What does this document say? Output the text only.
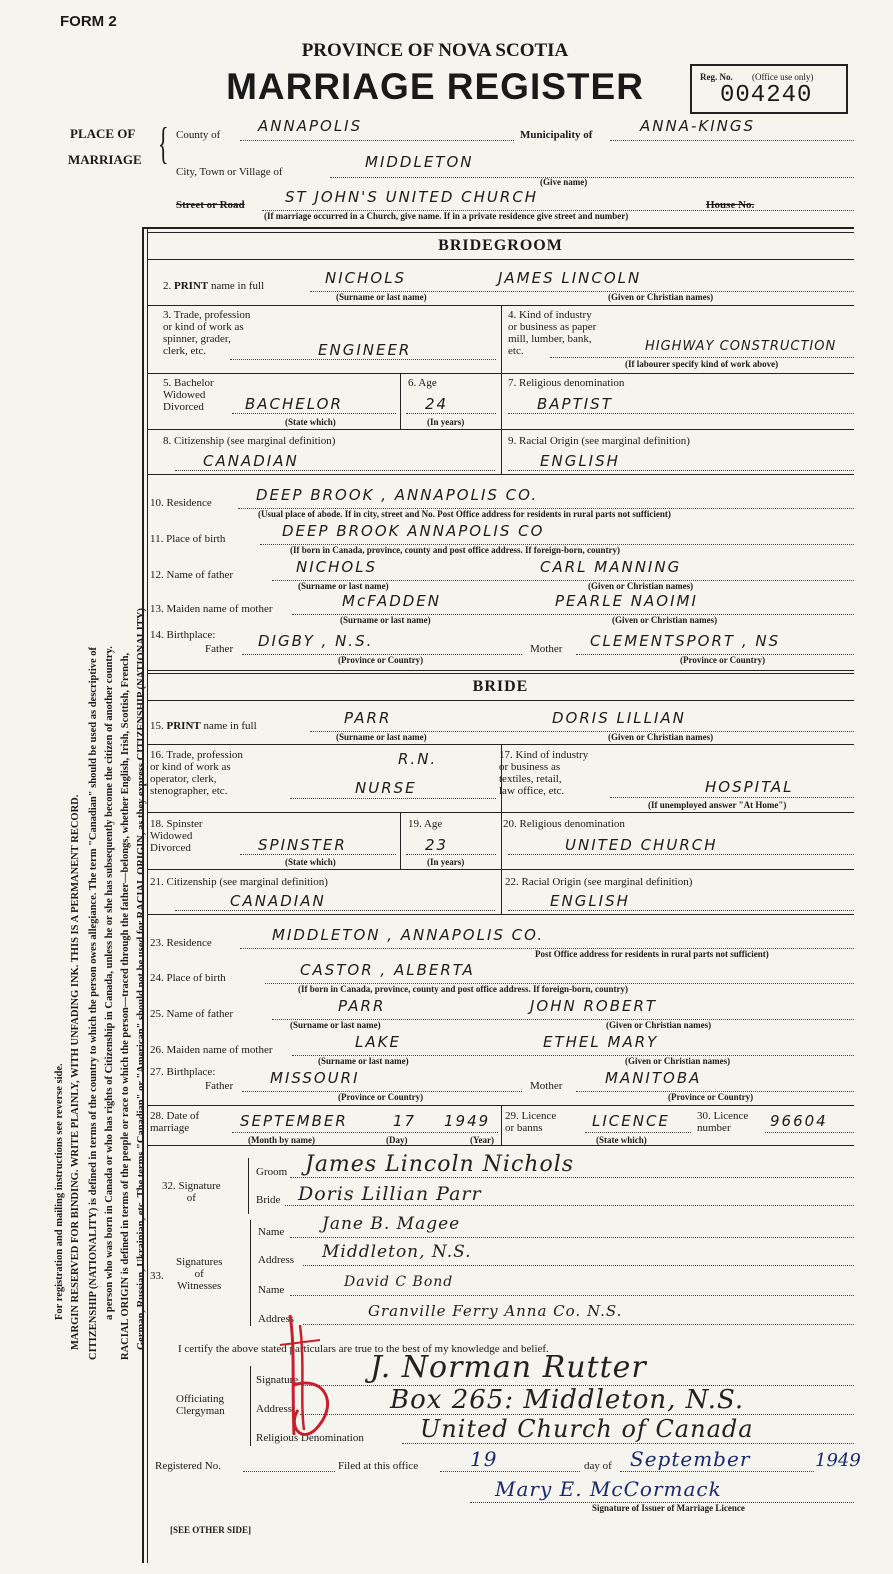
For registration and mailing instructions see reverse side. MARGIN RESERVED FOR BINDING. WRITE PLAINLY, WITH UNFADING INK. THIS IS A PERMANENT RECORD. CITIZENSHIP (NATIONALITY) is defined in terms of the country to which the person owes allegiance. The term "Canadian" should be used as descriptive of a person who was born in Canada or who has rights of Citizenship in Canada, unless he or she has subsequently become the citizen of another country. RACIAL ORIGIN is defined in terms of the people or race to which the person—traced through the father—belongs, whether English, Irish, Scottish, French, German, Russian, Ukrainian, etc. The terms "Canadian" or "American" should not be used for RACIAL ORIGIN, as they express CITIZENSHIP (NATIONALITY).
FORM 2
PROVINCE OF NOVA SCOTIA
MARRIAGE REGISTER	Reg. No. (Office use only)
004240
PLACE OF
MARRIAGE { County of	ANNAPOLIS	Municipality of	ANNA-KINGS
City, Town or Village of
MIDDLETON
(Give name)
Street or Road	ST JOHN'S UNITED CHURCH	House No.
(If marriage occurred in a Church, give name. If in a private residence give street and number)
BRIDEGROOM
2. PRINT name in full	NICHOLS	JAMES LINCOLN
(Surname or last name)	(Given or Christian names)
3. Trade, profession
or kind of work as
spinner, grader,
clerk, etc.	ENGINEER
4. Kind of industry
or business as paper
mill, lumber, bank,
etc.	HIGHWAY CONSTRUCTION
(If labourer specify kind of work above)
5. Bachelor
Widowed
Divorced	BACHELOR
(State which)
6. Age
24
(In years)
7. Religious denomination
BAPTIST
8. Citizenship (see marginal definition)
CANADIAN
9. Racial Origin (see marginal definition)
ENGLISH
10. Residence	DEEP BROOK , ANNAPOLIS CO.
(Usual place of abode. If in city, street and No. Post Office address for residents in rural parts not sufficient)
11. Place of birth	DEEP BROOK ANNAPOLIS CO
(If born in Canada, province, county and post office address. If foreign-born, country)
12. Name of father	NICHOLS	CARL MANNING
(Surname or last name)	(Given or Christian names)
13. Maiden name of mother	McFADDEN	PEARLE NAOIMI
(Surname or last name)	(Given or Christian names)
14. Birthplace:
Father DIGBY , N.S.
(Province or Country)
Mother CLEMENTSPORT , NS
(Province or Country)
BRIDE
15. PRINT name in full	PARR	DORIS LILLIAN
(Surname or last name)	(Given or Christian names)
16. Trade, profession
or kind of work as
operator, clerk,
stenographer, etc.
R.N.
NURSE
17. Kind of industry
or business as
textiles, retail,
law office, etc.	HOSPITAL
(If unemployed answer "At Home")
18. Spinster
Widowed
Divorced	SPINSTER
(State which)
19. Age
23
(In years)
20. Religious denomination
UNITED CHURCH
21. Citizenship (see marginal definition)
CANADIAN
22. Racial Origin (see marginal definition)
ENGLISH
23. Residence	MIDDLETON , ANNAPOLIS CO.
Post Office address for residents in rural parts not sufficient)
24. Place of birth	CASTOR , ALBERTA
(If born in Canada, province, county and post office address. If foreign-born, country)
25. Name of father	PARR	JOHN ROBERT
(Surname or last name)	(Given or Christian names)
26. Maiden name of mother	LAKE	ETHEL MARY
(Surname or last name)	(Given or Christian names)
27. Birthplace:
Father MISSOURI
(Province or Country)
Mother	MANITOBA
(Province or Country)
28. Date of
marriage	SEPTEMBER	17 1949
(Month by name)	(Day)	(Year)
29. Licence
or banns	LICENCE
(State which)
30. Licence
number	96604
32. Signature
of
Groom James Lincoln Nichols
Bride Doris Lillian Parr
33.
Signatures
of
Witnesses
Name Jane B. Magee
Address Middleton, N.S.
Name	David C Bond
Address	Granville Ferry Anna Co. N.S.
I certify the above stated particulars are true to the best of my knowledge and belief.
Officiating
Clergyman
Signature J. Norman Rutter
Address	Box 265: Middleton, N.S.
Religious Denomination United Church of Canada
Registered No.	Filed at this office	19	day of September	1949
Mary E. McCormack
Signature of Issuer of Marriage Licence
[SEE OTHER SIDE]
